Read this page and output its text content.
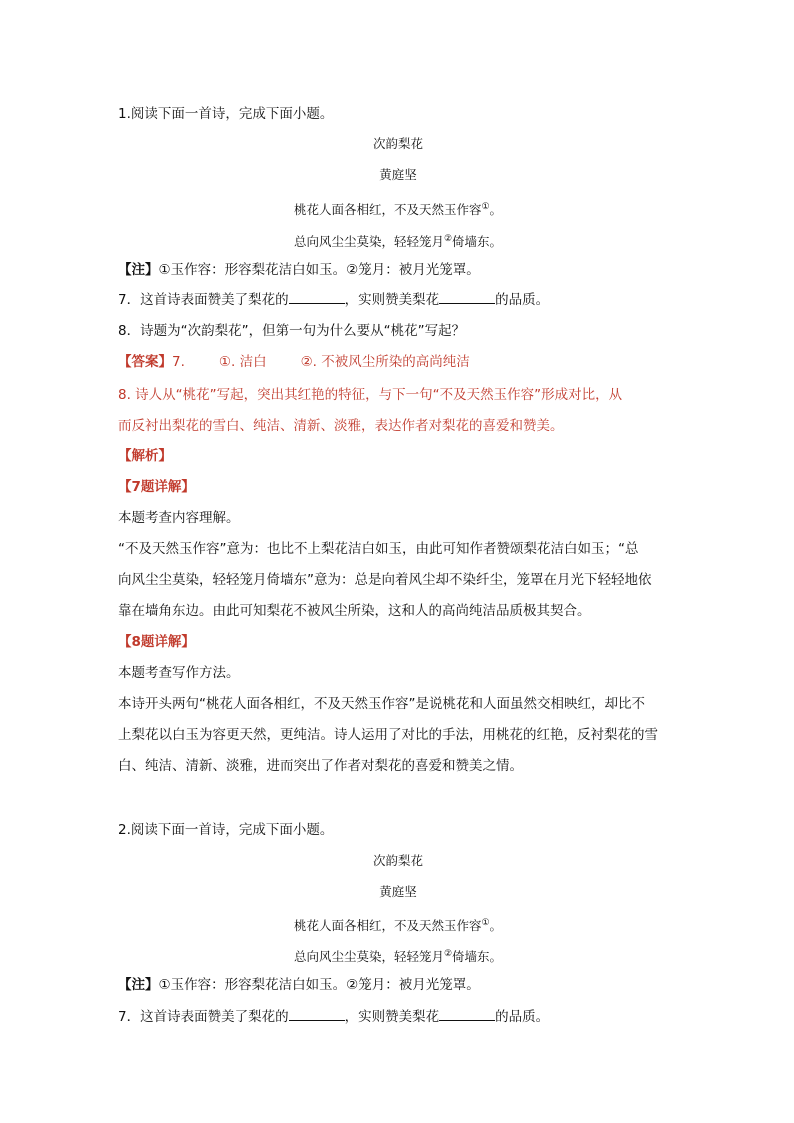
1.阅读下面一首诗，完成下面小题。
次韵梨花
黄庭坚
桃花人面各相红，不及天然玉作容①。
总向风尘尘莫染，轻轻笼月②倚墙东。
【注】①玉作容：形容梨花洁白如玉。②笼月：被月光笼罩。
7．这首诗表面赞美了梨花的	，实则赞美梨花	的品质。
8．诗题为“次韵梨花”，但第一句为什么要从“桃花”写起？
【答案】7.	①. 洁白	②. 不被风尘所染的高尚纯洁
8. 诗人从“桃花”写起，突出其红艳的特征，与下一句“不及天然玉作容”形成对比，从
而反衬出梨花的雪白、纯洁、清新、淡雅，表达作者对梨花的喜爱和赞美。
【解析】
【7题详解】
本题考查内容理解。
“不及天然玉作容”意为：也比不上梨花洁白如玉，由此可知作者赞颂梨花洁白如玉；“总
向风尘尘莫染，轻轻笼月倚墙东”意为：总是向着风尘却不染纤尘，笼罩在月光下轻轻地依
靠在墙角东边。由此可知梨花不被风尘所染，这和人的高尚纯洁品质极其契合。
【8题详解】
本题考查写作方法。
本诗开头两句“桃花人面各相红，不及天然玉作容”是说桃花和人面虽然交相映红，却比不
上梨花以白玉为容更天然，更纯洁。诗人运用了对比的手法，用桃花的红艳，反衬梨花的雪
白、纯洁、清新、淡雅，进而突出了作者对梨花的喜爱和赞美之情。
2.阅读下面一首诗，完成下面小题。
次韵梨花
黄庭坚
桃花人面各相红，不及天然玉作容①。
总向风尘尘莫染，轻轻笼月②倚墙东。
【注】①玉作容：形容梨花洁白如玉。②笼月：被月光笼罩。
7．这首诗表面赞美了梨花的	，实则赞美梨花	的品质。
